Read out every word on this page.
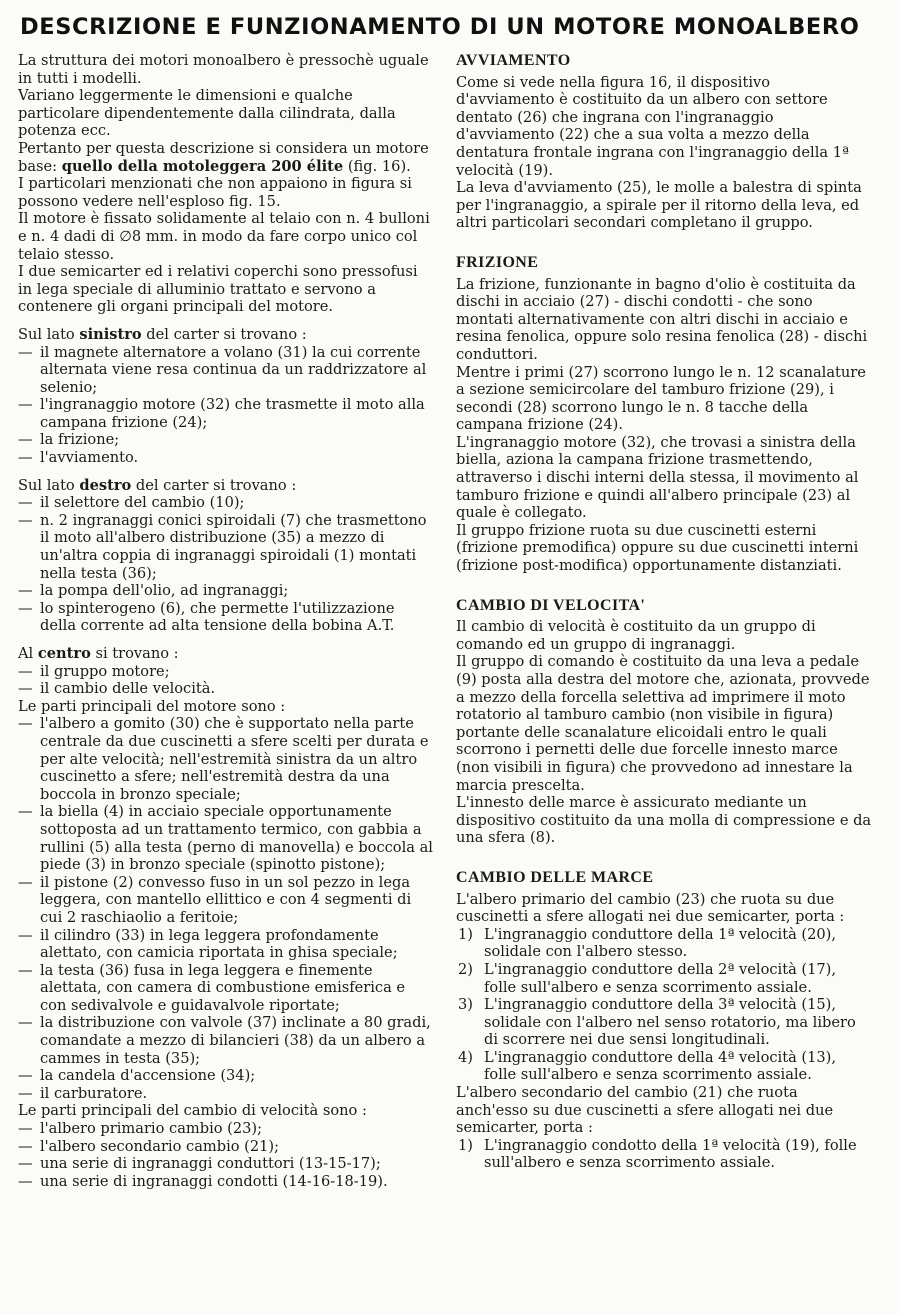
DESCRIZIONE E FUNZIONAMENTO DI UN MOTORE MONOALBERO

La struttura dei motori monoalbero è pressochè uguale in tutti i modelli.

Variano leggermente le dimensioni e qualche particolare dipendentemente dalla cilindrata, dalla potenza ecc.

Pertanto per questa descrizione si considera un motore base: quello della motoleggera 200 élite (fig. 16).

I particolari menzionati che non appaiono in figura si possono vedere nell'esploso fig. 15.

Il motore è fissato solidamente al telaio con n. 4 bulloni e n. 4 dadi di ∅8 mm. in modo da fare corpo unico col telaio stesso.

I due semicarter ed i relativi coperchi sono pressofusi in lega speciale di alluminio trattato e servono a contenere gli organi principali del motore.

Sul lato sinistro del carter si trovano :

— il magnete alternatore a volano (31) la cui corrente alternata viene resa continua da un raddrizzatore al selenio;
— l'ingranaggio motore (32) che trasmette il moto alla campana frizione (24);
— la frizione;
— l'avviamento.

Sul lato destro del carter si trovano :

— il selettore del cambio (10);
— n. 2 ingranaggi conici spiroidali (7) che trasmettono il moto all'albero distribuzione (35) a mezzo di un'altra coppia di ingranaggi spiroidali (1) montati nella testa (36);
— la pompa dell'olio, ad ingranaggi;
— lo spinterogeno (6), che permette l'utilizzazione della corrente ad alta tensione della bobina A.T.

Al centro si trovano :

— il gruppo motore;
— il cambio delle velocità.

Le parti principali del motore sono :

— l'albero a gomito (30) che è supportato nella parte centrale da due cuscinetti a sfere scelti per durata e per alte velocità; nell'estremità sinistra da un altro cuscinetto a sfere; nell'estremità destra da una boccola in bronzo speciale;
— la biella (4) in acciaio speciale opportunamente sottoposta ad un trattamento termico, con gabbia a rullini (5) alla testa (perno di manovella) e boccola al piede (3) in bronzo speciale (spinotto pistone);
— il pistone (2) convesso fuso in un sol pezzo in lega leggera, con mantello ellittico e con 4 segmenti di cui 2 raschiaolio a feritoie;
— il cilindro (33) in lega leggera profondamente alettato, con camicia riportata in ghisa speciale;
— la testa (36) fusa in lega leggera e finemente alettata, con camera di combustione emisferica e con sedivalvole e guidavalvole riportate;
— la distribuzione con valvole (37) inclinate a 80 gradi, comandate a mezzo di bilancieri (38) da un albero a cammes in testa (35);
— la candela d'accensione (34);
— il carburatore.

Le parti principali del cambio di velocità sono :

— l'albero primario cambio (23);
— l'albero secondario cambio (21);
— una serie di ingranaggi conduttori (13-15-17);
— una serie di ingranaggi condotti (14-16-18-19).
AVVIAMENTO

Come si vede nella figura 16, il dispositivo d'avviamento è costituito da un albero con settore dentato (26) che ingrana con l'ingranaggio d'avviamento (22) che a sua volta a mezzo della dentatura frontale ingrana con l'ingranaggio della 1ª velocità (19).

La leva d'avviamento (25), le molle a balestra di spinta per l'ingranaggio, a spirale per il ritorno della leva, ed altri particolari secondari completano il gruppo.

FRIZIONE

La frizione, funzionante in bagno d'olio è costituita da dischi in acciaio (27) - dischi condotti - che sono montati alternativamente con altri dischi in acciaio e resina fenolica, oppure solo resina fenolica (28) - dischi conduttori.

Mentre i primi (27) scorrono lungo le n. 12 scanalature a sezione semicircolare del tamburo frizione (29), i secondi (28) scorrono lungo le n. 8 tacche della campana frizione (24).

L'ingranaggio motore (32), che trovasi a sinistra della biella, aziona la campana frizione trasmettendo, attraverso i dischi interni della stessa, il movimento al tamburo frizione e quindi all'albero principale (23) al quale è collegato.

Il gruppo frizione ruota su due cuscinetti esterni (frizione premodifica) oppure su due cuscinetti interni (frizione post-modifica) opportunamente distanziati.

CAMBIO DI VELOCITA'

Il cambio di velocità è costituito da un gruppo di comando ed un gruppo di ingranaggi.

Il gruppo di comando è costituito da una leva a pedale (9) posta alla destra del motore che, azionata, provvede a mezzo della forcella selettiva ad imprimere il moto rotatorio al tamburo cambio (non visibile in figura) portante delle scanalature elicoidali entro le quali scorrono i pernetti delle due forcelle innesto marce (non visibili in figura) che provvedono ad innestare la marcia prescelta.

L'innesto delle marce è assicurato mediante un dispositivo costituito da una molla di compressione e da una sfera (8).

CAMBIO DELLE MARCE

L'albero primario del cambio (23) che ruota su due cuscinetti a sfere allogati nei due semicarter, porta :

1) L'ingranaggio conduttore della 1ª velocità (20), solidale con l'albero stesso.
2) L'ingranaggio conduttore della 2ª velocità (17), folle sull'albero e senza scorrimento assiale.
3) L'ingranaggio conduttore della 3ª velocità (15), solidale con l'albero nel senso rotatorio, ma libero di scorrere nei due sensi longitudinali.
4) L'ingranaggio conduttore della 4ª velocità (13), folle sull'albero e senza scorrimento assiale.

L'albero secondario del cambio (21) che ruota anch'esso su due cuscinetti a sfere allogati nei due semicarter, porta :

1) L'ingranaggio condotto della 1ª velocità (19), folle sull'albero e senza scorrimento assiale.
